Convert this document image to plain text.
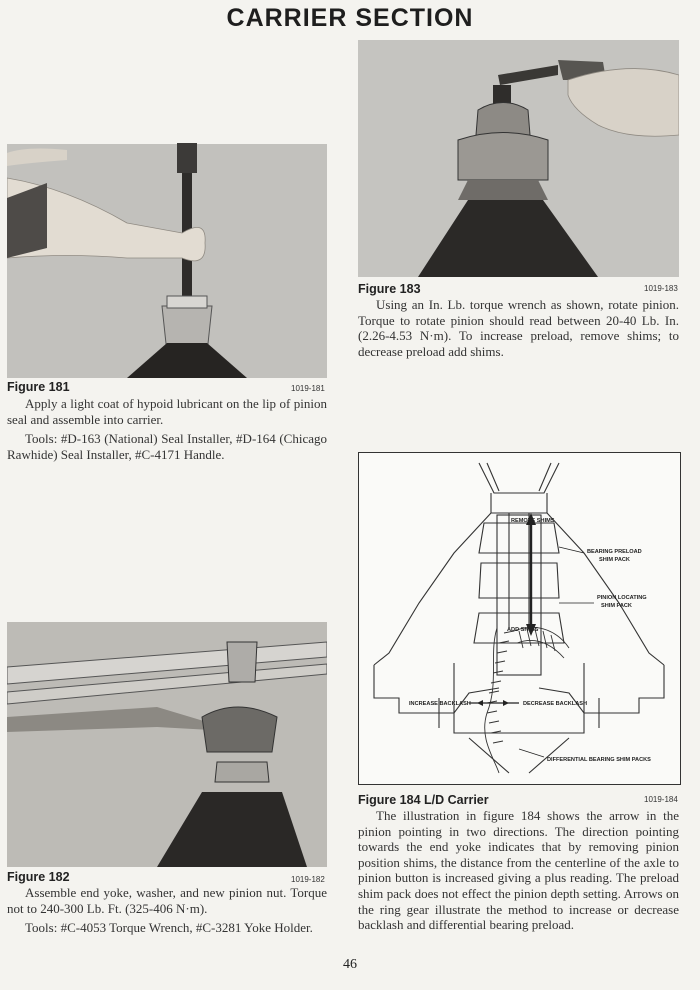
CARRIER SECTION
Figure 181	1019-181

Apply a light coat of hypoid lubricant on the lip of pinion seal and assemble into carrier.

Tools: #D-163 (National) Seal Installer, #D-164 (Chicago Rawhide) Seal Installer, #C-4171 Handle.

Figure 182	1019-182

Assemble end yoke, washer, and new pinion nut. Torque not to 240-300 Lb. Ft. (325-406 N·m).

Tools: #C-4053 Torque Wrench, #C-3281 Yoke Holder.

Figure 183	1019-183

Using an In. Lb. torque wrench as shown, rotate pinion. Torque to rotate pinion should read between 20-40 Lb. In. (2.26-4.53 N·m). To increase preload, remove shims; to decrease preload add shims.

REMOVE SHIMS
BEARING PRELOAD
SHIM PACK
PINION LOCATING
SHIM PACK
ADD SHIMS
INCREASE BACKLASH	DECREASE BACKLASH
DIFFERENTIAL BEARING SHIM PACKS
Figure 184 L/D Carrier	1019-184

The illustration in figure 184 shows the arrow in the pinion pointing in two directions. The direction pointing towards the end yoke indicates that by removing pinion position shims, the distance from the centerline of the axle to pinion button is increased giving a plus reading. The preload shim pack does not effect the pinion depth setting. Arrows on the ring gear illustrate the method to increase or decrease backlash and differential bearing preload.

46
